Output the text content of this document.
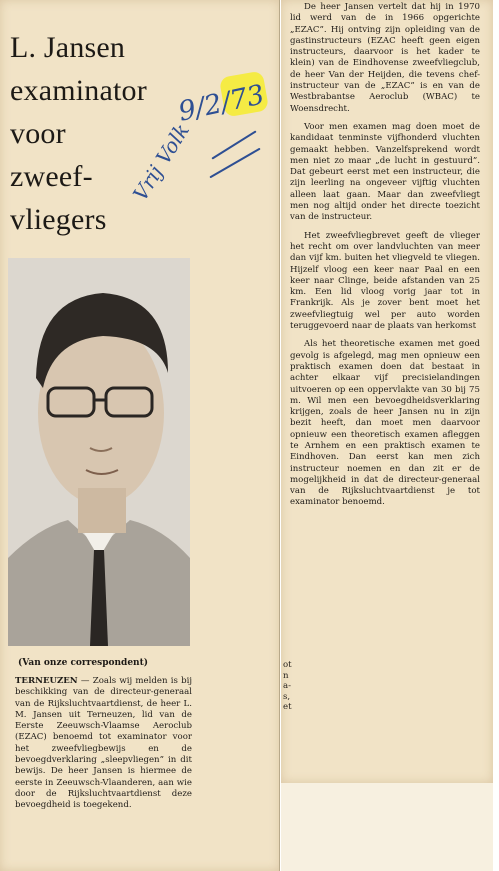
L. Jansen
examinator
voor
zweef-
vliegers
9/2/73
Vrij Volk
(Van onze correspondent)

TERNEUZEN — Zoals wij melden is bij beschikking van de directeur-generaal van de Rijksluchtvaartdienst, de heer L. M. Jansen uit Terneuzen, lid van de Eerste Zeeuwsch-Vlaamse Aeroclub (EZAC) benoemd tot examinator voor het zweefvliegbewijs en de bevoegdverklaring „sleepvliegen” in dit bewijs. De heer Jansen is hiermee de eerste in Zeeuwsch-Vlaanderen, aan wie door de Rijksluchtvaartdienst deze bevoegdheid is toegekend.

De heer Jansen vertelt dat hij in 1970 lid werd van de in 1966 opgerichte „EZAC”. Hij ontving zijn opleiding van de gastinstructeurs (EZAC heeft geen eigen instructeurs, daarvoor is het kader te klein) van de Eindhovense zweefvliegclub, de heer Van der Heijden, die tevens chef-instructeur van de „EZAC” is en van de Westbrabantse Aeroclub (WBAC) te Woensdrecht.

Voor men examen mag doen moet de kandidaat tenminste vijfhonderd vluchten gemaakt hebben. Vanzelfsprekend wordt men niet zo maar „de lucht in gestuurd”. Dat gebeurt eerst met een instructeur, die zijn leerling na ongeveer vijftig vluchten alleen laat gaan. Maar dan zweefvliegt men nog altijd onder het directe toezicht van de instructeur.

Het zweefvliegbrevet geeft de vlieger het recht om over landvluchten van meer dan vijf km. buiten het vliegveld te vliegen. Hijzelf vloog een keer naar Paal en een keer naar Clinge, beide afstanden van 25 km. Een lid vloog vorig jaar tot in Frankrijk. Als je zover bent moet het zweefvliegtuig wel per auto worden teruggevoerd naar de plaats van herkomst

Als het theoretische examen met goed gevolg is afgelegd, mag men opnieuw een praktisch examen doen dat bestaat in achter elkaar vijf precisielandingen uitvoeren op een oppervlakte van 30 bij 75 m. Wil men een bevoegdheidsverklaring krijgen, zoals de heer Jansen nu in zijn bezit heeft, dan moet men daarvoor opnieuw een theoretisch examen afleggen te Arnhem en een praktisch examen te Eindhoven. Dan eerst kan men zich instructeur noemen en dan zit er de mogelijkheid in dat de directeur-generaal van de Rijksluchtvaartdienst je tot examinator benoemd.

ot
n
a-
s,
et
